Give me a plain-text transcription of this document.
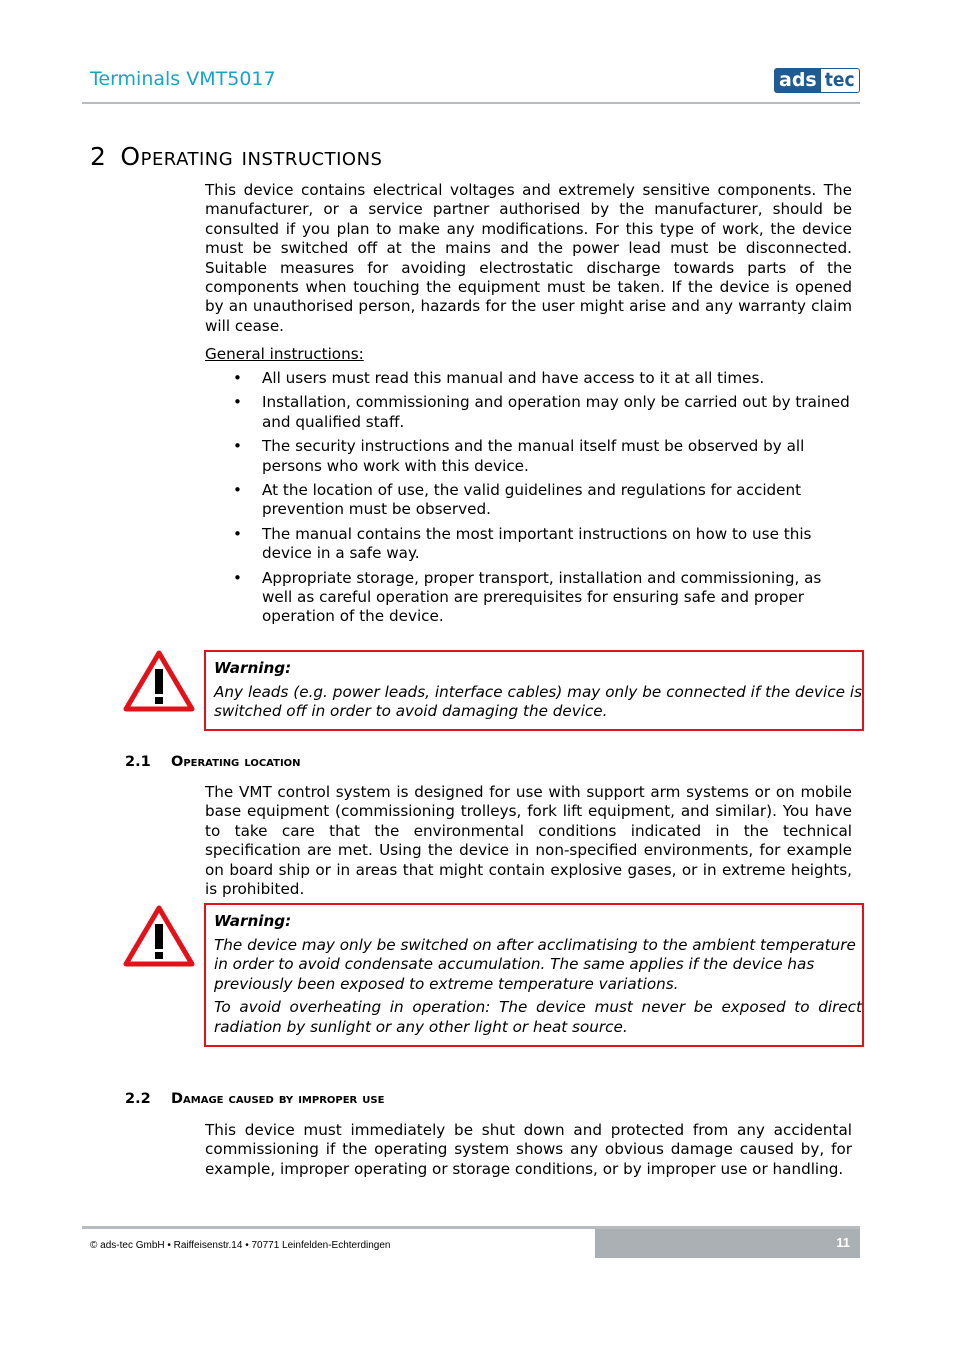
Terminals VMT5017	ads tec
2 Operating instructions
This device contains electrical voltages and extremely sensitive components. The manufacturer, or a service partner authorised by the manufacturer, should be consulted if you plan to make any modifications. For this type of work, the device must be switched off at the mains and the power lead must be disconnected. Suitable measures for avoiding electrostatic discharge towards parts of the components when touching the equipment must be taken. If the device is opened by an unauthorised person, hazards for the user might arise and any warranty claim will cease.
General instructions:
• All users must read this manual and have access to it at all times.
• Installation, commissioning and operation may only be carried out by trained and qualified staff.
• The security instructions and the manual itself must be observed by all persons who work with this device.
• At the location of use, the valid guidelines and regulations for accident prevention must be observed.
• The manual contains the most important instructions on how to use this device in a safe way.
• Appropriate storage, proper transport, installation and commissioning, as well as careful operation are prerequisites for ensuring safe and proper operation of the device.
Warning:

Any leads (e.g. power leads, interface cables) may only be connected if the device is switched off in order to avoid damaging the device.

2.1 Operating location
The VMT control system is designed for use with support arm systems or on mobile base equipment (commissioning trolleys, fork lift equipment, and similar). You have to take care that the environmental conditions indicated in the technical specification are met. Using the device in non-specified environments, for example on board ship or in areas that might contain explosive gases, or in extreme heights, is prohibited.
Warning:

The device may only be switched on after acclimatising to the ambient temperature in order to avoid condensate accumulation. The same applies if the device has previously been exposed to extreme temperature variations.

To avoid overheating in operation: The device must never be exposed to direct radiation by sunlight or any other light or heat source.

2.2 Damage caused by improper use
This device must immediately be shut down and protected from any accidental commissioning if the operating system shows any obvious damage caused by, for example, improper operating or storage conditions, or by improper use or handling.
© ads-tec GmbH • Raiffeisenstr.14 • 70771 Leinfelden-Echterdingen	11
